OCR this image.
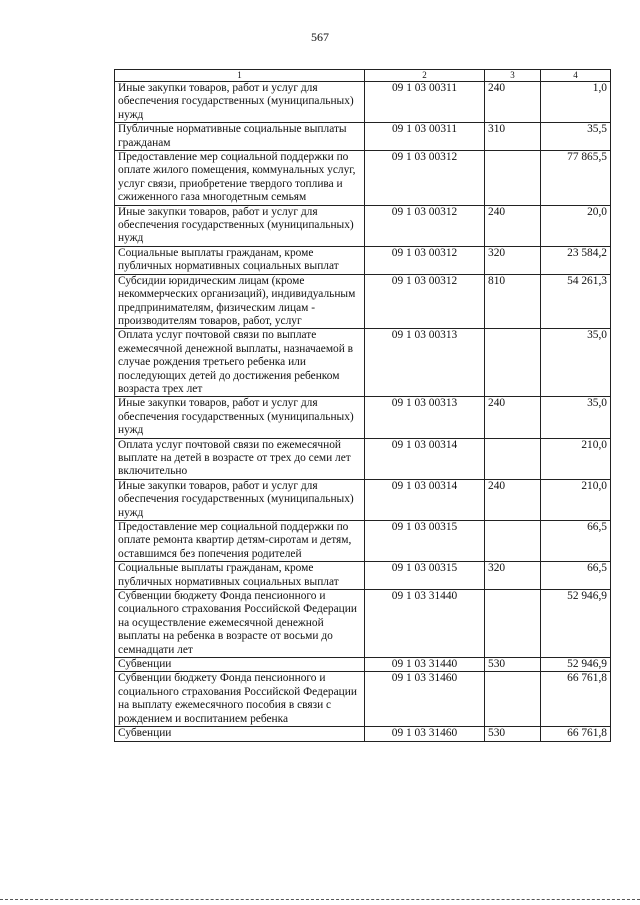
567
1	2	3	4
Иные закупки товаров, работ и услуг для обеспечения государственных (муниципальных) нужд	09 1 03 00311	240	1,0
Публичные нормативные социальные выплаты гражданам	09 1 03 00311	310	35,5
Предоставление мер социальной поддержки по оплате жилого помещения, коммунальных услуг, услуг связи, приобретение твердого топлива и сжиженного газа многодетным семьям	09 1 03 00312		77 865,5
Иные закупки товаров, работ и услуг для обеспечения государственных (муниципальных) нужд	09 1 03 00312	240	20,0
Социальные выплаты гражданам, кроме публичных нормативных социальных выплат	09 1 03 00312	320	23 584,2
Субсидии юридическим лицам (кроме некоммерческих организаций), индивидуальным предпринимателям, физическим лицам - производителям товаров, работ, услуг	09 1 03 00312	810	54 261,3
Оплата услуг почтовой связи по выплате ежемесячной денежной выплаты, назначаемой в случае рождения третьего ребенка или последующих детей до достижения ребенком возраста трех лет	09 1 03 00313		35,0
Иные закупки товаров, работ и услуг для обеспечения государственных (муниципальных) нужд	09 1 03 00313	240	35,0
Оплата услуг почтовой связи по ежемесячной выплате на детей в возрасте от трех до семи лет включительно	09 1 03 00314		210,0
Иные закупки товаров, работ и услуг для обеспечения государственных (муниципальных) нужд	09 1 03 00314	240	210,0
Предоставление мер социальной поддержки по оплате ремонта квартир детям-сиротам и детям, оставшимся без попечения родителей	09 1 03 00315		66,5
Социальные выплаты гражданам, кроме публичных нормативных социальных выплат	09 1 03 00315	320	66,5
Субвенции бюджету Фонда пенсионного и социального страхования Российской Федерации на осуществление ежемесячной денежной выплаты на ребенка в возрасте от восьми до семнадцати лет	09 1 03 31440		52 946,9
Субвенции	09 1 03 31440	530	52 946,9
Субвенции бюджету Фонда пенсионного и социального страхования Российской Федерации на выплату ежемесячного пособия в связи с рождением и воспитанием ребенка	09 1 03 31460		66 761,8
Субвенции	09 1 03 31460	530	66 761,8
